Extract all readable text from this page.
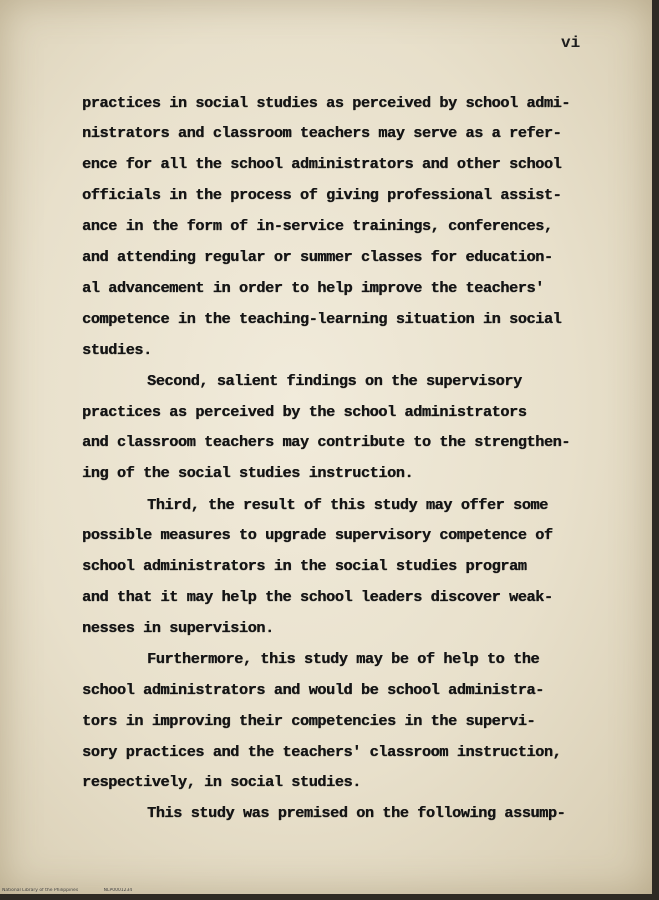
vi
practices in social studies as perceived by school admi-
nistrators and classroom teachers may serve as a refer-
ence for all the school administrators and other school
officials in the process of giving professional assist-
ance in the form of in-service trainings, conferences,
and attending regular or summer classes for education-
al advancement in order to help improve the teachers'
competence in the teaching-learning situation in social
studies.
Second, salient findings on the supervisory
practices as perceived by the school administrators
and classroom teachers may contribute to the strengthen-
ing of the social studies instruction.
Third, the result of this study may offer some
possible measures to upgrade supervisory competence of
school administrators in the social studies program
and that it may help the school leaders discover weak-
nesses in supervision.
Furthermore, this study may be of help to the
school administrators and would be school administra-
tors in improving their competencies in the supervi-
sory practices and the teachers' classroom instruction,
respectively, in social studies.
This study was premised on the following assump-
National Library of the Philippines	NLP0001234
